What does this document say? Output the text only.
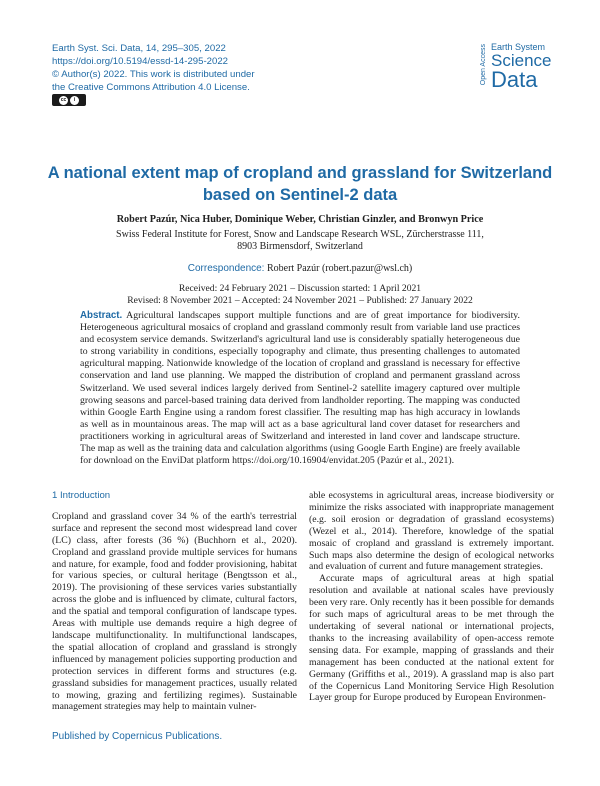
Earth Syst. Sci. Data, 14, 295–305, 2022
https://doi.org/10.5194/essd-14-295-2022
© Author(s) 2022. This work is distributed under
the Creative Commons Attribution 4.0 License.
cc	i
Open Access Earth System
Science
Data
A national extent map of cropland and grassland for Switzerland based on Sentinel-2 data
Robert Pazúr, Nica Huber, Dominique Weber, Christian Ginzler, and Bronwyn Price
Swiss Federal Institute for Forest, Snow and Landscape Research WSL, Zürcherstrasse 111,
8903 Birmensdorf, Switzerland
Correspondence: Robert Pazúr (robert.pazur@wsl.ch)
Received: 24 February 2021 – Discussion started: 1 April 2021
Revised: 8 November 2021 – Accepted: 24 November 2021 – Published: 27 January 2022
Abstract. Agricultural landscapes support multiple functions and are of great importance for biodiversity. Heterogeneous agricultural mosaics of cropland and grassland commonly result from variable land use practices and ecosystem service demands. Switzerland's agricultural land use is considerably spatially heterogeneous due to strong variability in conditions, especially topography and climate, thus presenting challenges to automated agricultural mapping. Nationwide knowledge of the location of cropland and grassland is necessary for effective conservation and land use planning. We mapped the distribution of cropland and permanent grassland across Switzerland. We used several indices largely derived from Sentinel-2 satellite imagery captured over multiple growing seasons and parcel-based training data derived from landholder reporting. The mapping was conducted within Google Earth Engine using a random forest classifier. The resulting map has high accuracy in lowlands as well as in mountainous areas. The map will act as a base agricultural land cover dataset for researchers and practitioners working in agricultural areas of Switzerland and interested in land cover and landscape structure. The map as well as the training data and calculation algorithms (using Google Earth Engine) are freely available for download on the EnviDat platform https://doi.org/10.16904/envidat.205 (Pazúr et al., 2021).
1 Introduction

Cropland and grassland cover 34 % of the earth's terrestrial surface and represent the second most widespread land cover (LC) class, after forests (36 %) (Buchhorn et al., 2020). Cropland and grassland provide multiple services for humans and nature, for example, food and fodder provisioning, habitat for various species, or cultural heritage (Bengtsson et al., 2019). The provisioning of these services varies substantially across the globe and is influenced by climate, cultural factors, and the spatial and temporal configuration of landscape types. Areas with multiple use demands require a high degree of landscape multifunctionality. In multifunctional landscapes, the spatial allocation of cropland and grassland is strongly influenced by management policies supporting production and protection services in different forms and structures (e.g. grassland subsidies for management practices, usually related to mowing, grazing and fertilizing regimes). Sustainable management strategies may help to maintain vulner-

able ecosystems in agricultural areas, increase biodiversity or minimize the risks associated with inappropriate management (e.g. soil erosion or degradation of grassland ecosystems) (Wezel et al., 2014). Therefore, knowledge of the spatial mosaic of cropland and grassland is extremely important. Such maps also determine the design of ecological networks and evaluation of current and future management strategies.

Accurate maps of agricultural areas at high spatial resolution and available at national scales have previously been very rare. Only recently has it been possible for demands for such maps of agricultural areas to be met through the undertaking of several national or international projects, thanks to the increasing availability of open-access remote sensing data. For example, mapping of grasslands and their management has been conducted at the national extent for Germany (Griffiths et al., 2019). A grassland map is also part of the Copernicus Land Monitoring Service High Resolution Layer group for Europe produced by European Environmen-

Published by Copernicus Publications.
